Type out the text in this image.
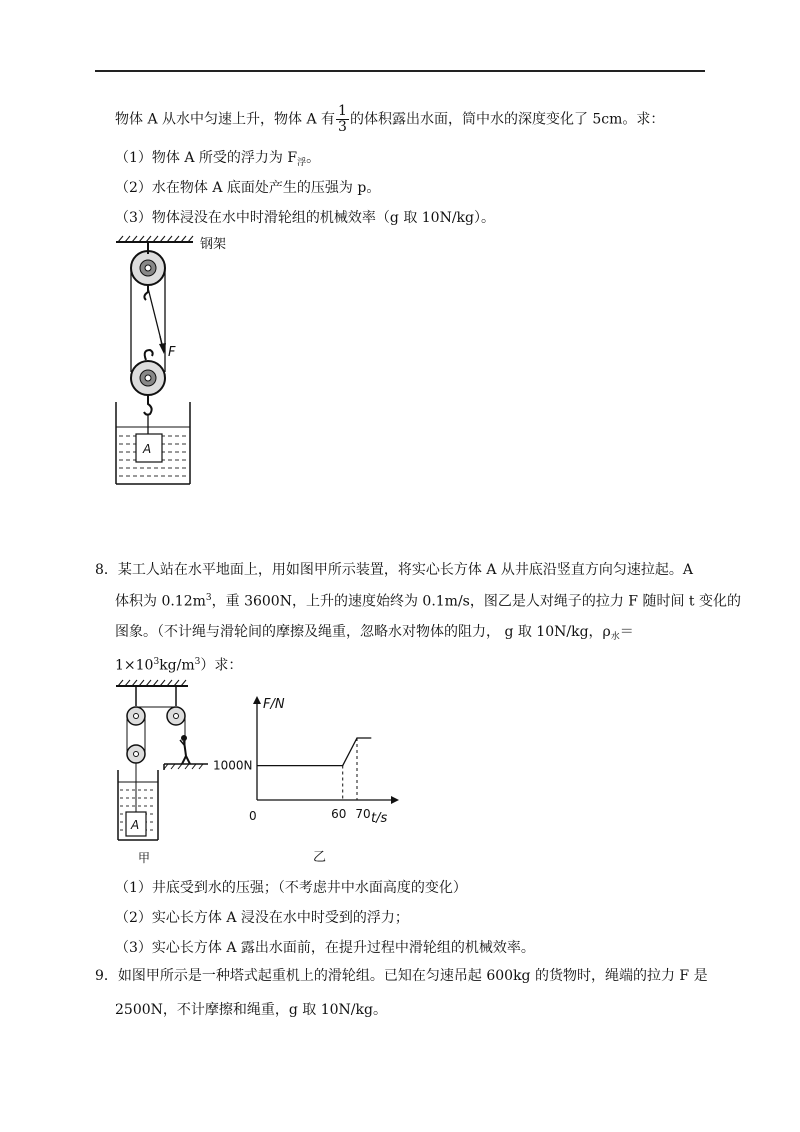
物体 A 从水中匀速上升，物体 A 有 $\frac{1}{3}$ 的体积露出水面，筒中水的深度变化了 5cm。求：
（1）物体 A 所受的浮力为 $F_浮$。
（2）水在物体 A 底面处产生的压强为 p。
（3）物体浸没在水中时滑轮组的机械效率（g 取 10N/kg）。
钢架
F
A
8．某工人站在水平地面上，用如图甲所示装置，将实心长方体 A 从井底沿竖直方向匀速拉起。A
体积为 $0.12m^3$，重 3600N，上升的速度始终为 0.1m/s，图乙是人对绳子的拉力 F 随时间 t 变化的
图象。（不计绳与滑轮间的摩擦及绳重，忽略水对物体的阻力， g 取 10N/kg，$\rho_水=$
$1\times 10^3kg/m^3$）求：
A
甲
F/N
t/s
0
1000N
60 70
乙
（1）井底受到水的压强；（不考虑井中水面高度的变化）
（2）实心长方体 A 浸没在水中时受到的浮力；
（3）实心长方体 A 露出水面前，在提升过程中滑轮组的机械效率。
9．如图甲所示是一种塔式起重机上的滑轮组。已知在匀速吊起 600kg 的货物时，绳端的拉力 F 是
2500N，不计摩擦和绳重，g 取 10N/kg。
